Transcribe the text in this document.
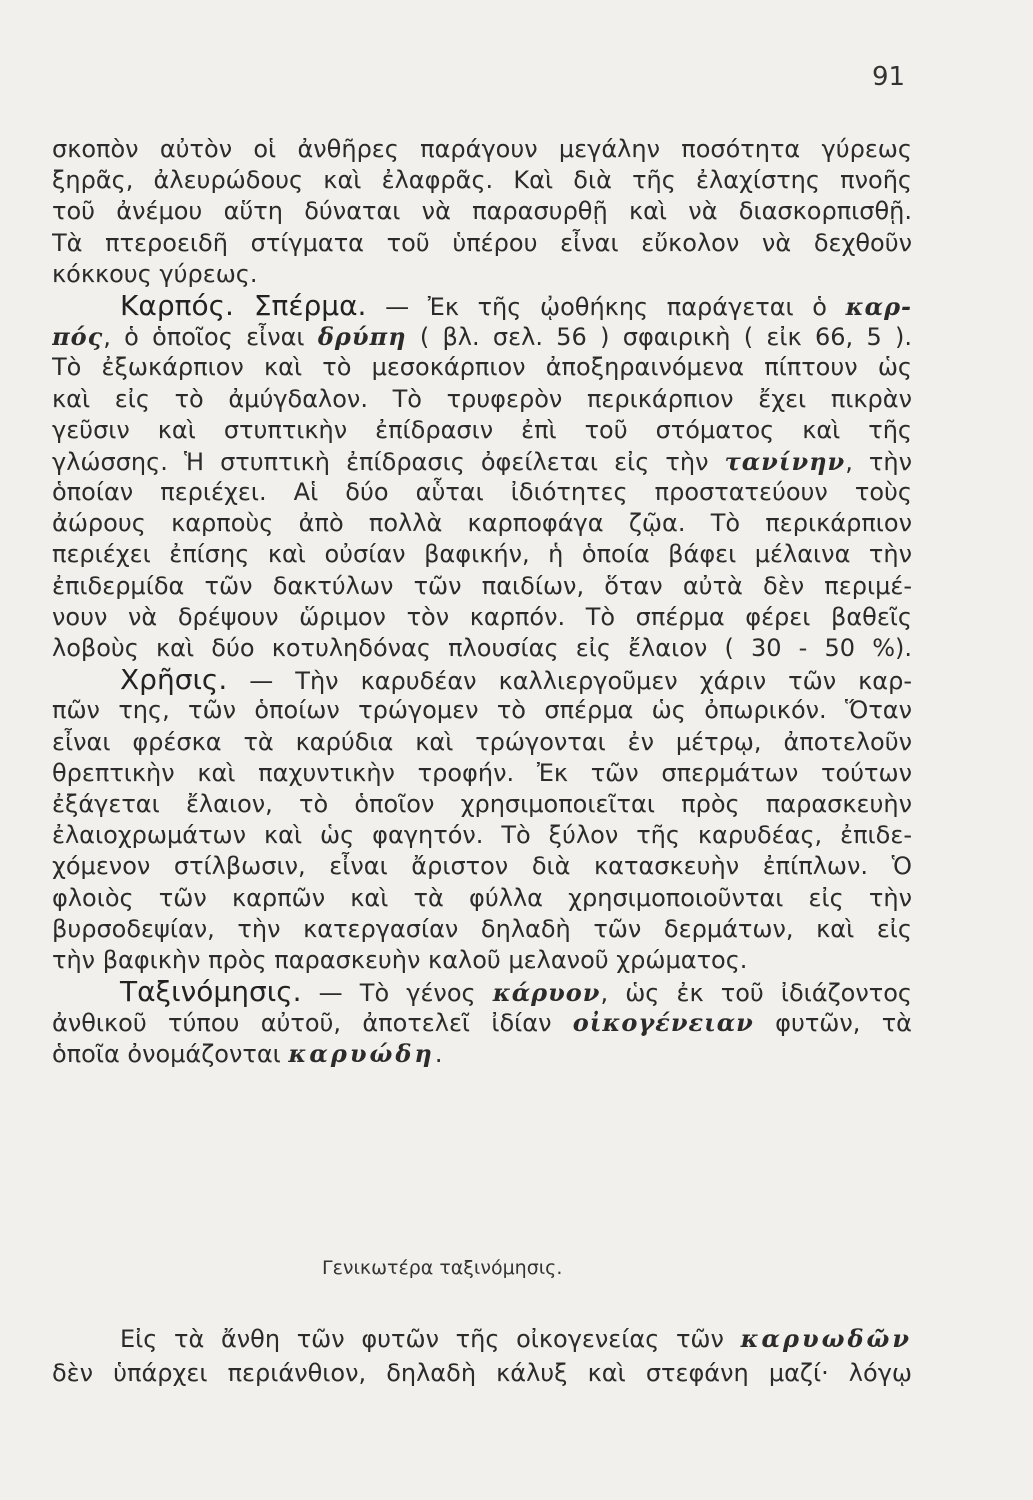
91
σκοπὸν αὐτὸν οἱ ἀνθῆρες παράγουν μεγάλην ποσότητα γύρεως
ξηρᾶς, ἀλευρώδους καὶ ἐλαφρᾶς. Καὶ διὰ τῆς ἐλαχίστης πνοῆς
τοῦ ἀνέμου αὕτη δύναται νὰ παρασυρθῇ καὶ νὰ διασκορπισθῇ.
Τὰ πτεροειδῆ στίγματα τοῦ ὑπέρου εἶναι εὔκολον νὰ δεχθοῦν
κόκκους γύρεως.
Καρπός. Σπέρμα. — Ἐκ τῆς ᾠοθήκης παράγεται ὁ καρ-
πός, ὁ ὁποῖος εἶναι δρύπη ( βλ. σελ. 56 ) σφαιρικὴ ( εἰκ 66, 5 ).
Τὸ ἐξωκάρπιον καὶ τὸ μεσοκάρπιον ἀποξηραινόμενα πίπτουν ὡς
καὶ εἰς τὸ ἀμύγδαλον. Τὸ τρυφερὸν περικάρπιον ἔχει πικρὰν
γεῦσιν καὶ στυπτικὴν ἐπίδρασιν ἐπὶ τοῦ στόματος καὶ τῆς
γλώσσης. Ἡ στυπτικὴ ἐπίδρασις ὀφείλεται εἰς τὴν τανίνην, τὴν
ὁποίαν περιέχει. Αἱ δύο αὗται ἰδιότητες προστατεύουν τοὺς
ἀώρους καρποὺς ἀπὸ πολλὰ καρποφάγα ζῷα. Τὸ περικάρπιον
περιέχει ἐπίσης καὶ οὐσίαν βαφικήν, ἡ ὁποία βάφει μέλαινα τὴν
ἐπιδερμίδα τῶν δακτύλων τῶν παιδίων, ὅταν αὐτὰ δὲν περιμέ-
νουν νὰ δρέψουν ὥριμον τὸν καρπόν. Τὸ σπέρμα φέρει βαθεῖς
λοβοὺς καὶ δύο κοτυληδόνας πλουσίας εἰς ἔλαιον ( 30 - 50 %).
Χρῆσις. — Τὴν καρυδέαν καλλιεργοῦμεν χάριν τῶν καρ-
πῶν της, τῶν ὁποίων τρώγομεν τὸ σπέρμα ὡς ὀπωρικόν. Ὅταν
εἶναι φρέσκα τὰ καρύδια καὶ τρώγονται ἐν μέτρῳ, ἀποτελοῦν
θρεπτικὴν καὶ παχυντικὴν τροφήν. Ἐκ τῶν σπερμάτων τούτων
ἐξάγεται ἔλαιον, τὸ ὁποῖον χρησιμοποιεῖται πρὸς παρασκευὴν
ἐλαιοχρωμάτων καὶ ὡς φαγητόν. Τὸ ξύλον τῆς καρυδέας, ἐπιδε-
χόμενον στίλβωσιν, εἶναι ἄριστον διὰ κατασκευὴν ἐπίπλων. Ὁ
φλοιὸς τῶν καρπῶν καὶ τὰ φύλλα χρησιμοποιοῦνται εἰς τὴν
βυρσοδεψίαν, τὴν κατεργασίαν δηλαδὴ τῶν δερμάτων, καὶ εἰς
τὴν βαφικὴν πρὸς παρασκευὴν καλοῦ μελανοῦ χρώματος.
Ταξινόμησις. — Τὸ γένος κάρυον, ὡς ἐκ τοῦ ἰδιάζοντος
ἀνθικοῦ τύπου αὐτοῦ, ἀποτελεῖ ἰδίαν οἰκογένειαν φυτῶν, τὰ
ὁποῖα ὀνομάζονται καρυώδη.
Γενικωτέρα ταξινόμησις.
Εἰς τὰ ἄνθη τῶν φυτῶν τῆς οἰκογενείας τῶν καρυωδῶν
δὲν ὑπάρχει περιάνθιον, δηλαδὴ κάλυξ καὶ στεφάνη μαζί· λόγῳ
